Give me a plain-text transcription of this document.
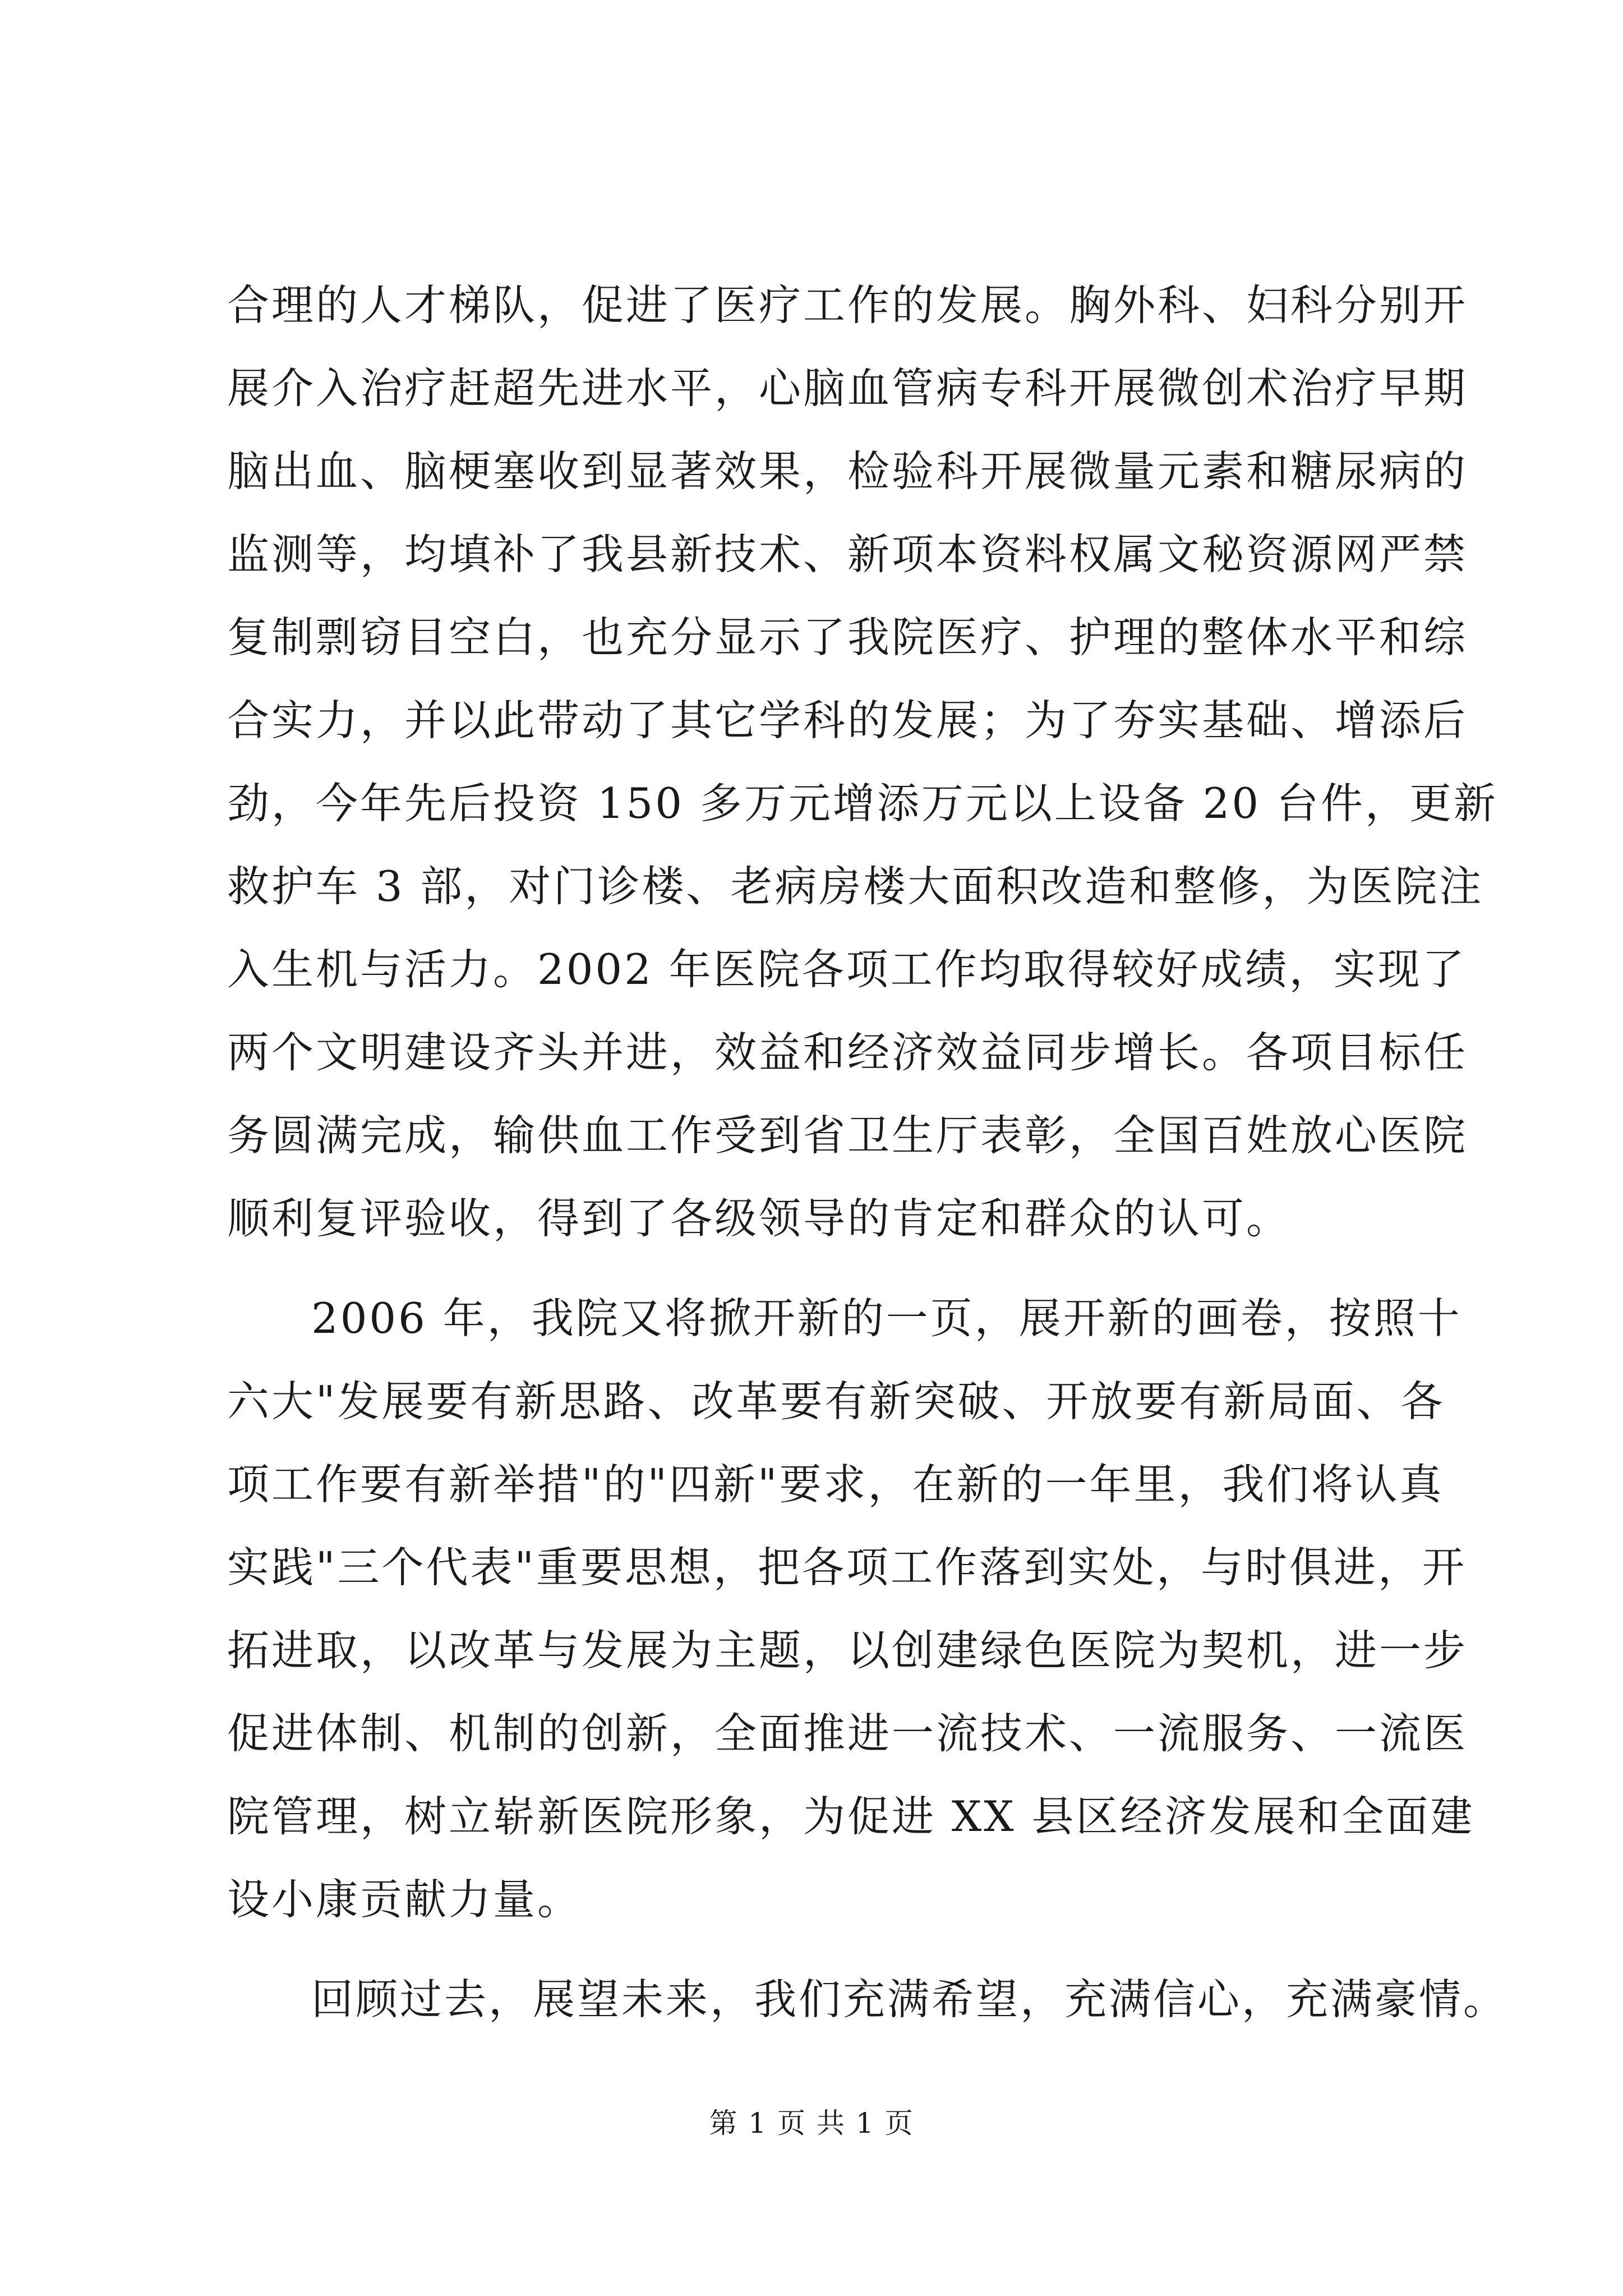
合理的人才梯队，促进了医疗工作的发展。胸外科、妇科分别开
展介入治疗赶超先进水平，心脑血管病专科开展微创术治疗早期
脑出血、脑梗塞收到显著效果，检验科开展微量元素和糖尿病的
监测等，均填补了我县新技术、新项本资料权属文秘资源网严禁
复制剽窃目空白，也充分显示了我院医疗、护理的整体水平和综
合实力，并以此带动了其它学科的发展；为了夯实基础、增添后
劲，今年先后投资 150 多万元增添万元以上设备 20 台件，更新
救护车 3 部，对门诊楼、老病房楼大面积改造和整修，为医院注
入生机与活力。2002 年医院各项工作均取得较好成绩，实现了
两个文明建设齐头并进，效益和经济效益同步增长。各项目标任
务圆满完成，输供血工作受到省卫生厅表彰，全国百姓放心医院
顺利复评验收，得到了各级领导的肯定和群众的认可。
2006 年，我院又将掀开新的一页，展开新的画卷，按照十
六大"发展要有新思路、改革要有新突破、开放要有新局面、各
项工作要有新举措"的"四新"要求，在新的一年里，我们将认真
实践"三个代表"重要思想，把各项工作落到实处，与时俱进，开
拓进取，以改革与发展为主题，以创建绿色医院为契机，进一步
促进体制、机制的创新，全面推进一流技术、一流服务、一流医
院管理，树立崭新医院形象，为促进 XX 县区经济发展和全面建
设小康贡献力量。
回顾过去，展望未来，我们充满希望，充满信心，充满豪情。
第 1 页 共 1 页
